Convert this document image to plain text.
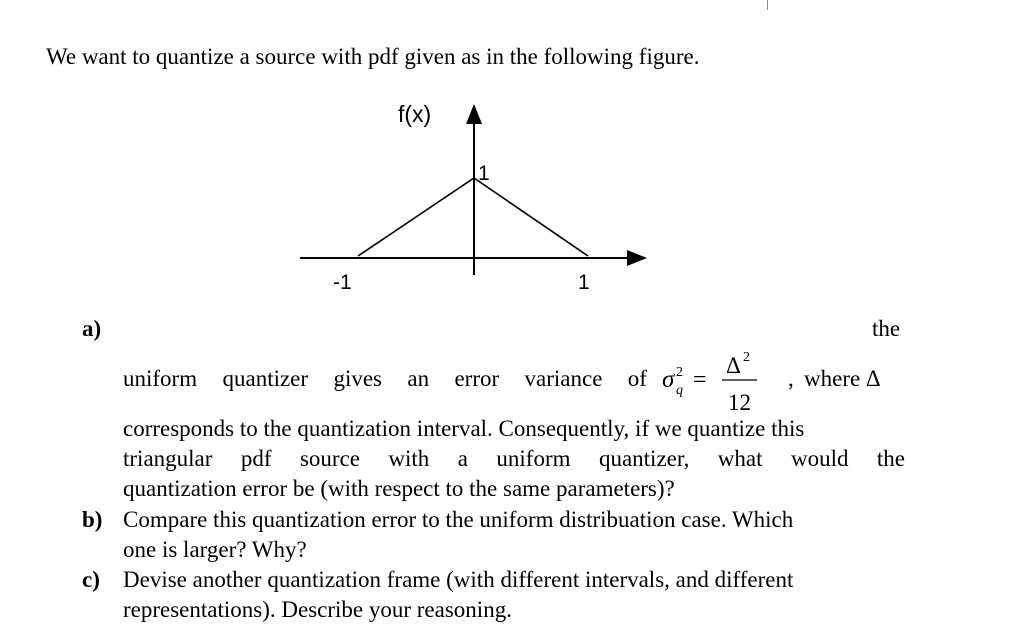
We want to quantize a source with pdf given as in the following figure.
f(x)
1
-1	1
a)	the
uniform quantizer gives an error variance of σ 2
q =
Δ 2
12
, where Δ
corresponds to the quantization interval. Consequently, if we quantize this
triangular pdf source with a uniform quantizer, what would the
quantization error be (with respect to the same parameters)?
b) Compare this quantization error to the uniform distribuation case. Which
one is larger? Why?
c) Devise another quantization frame (with different intervals, and different
representations). Describe your reasoning.
